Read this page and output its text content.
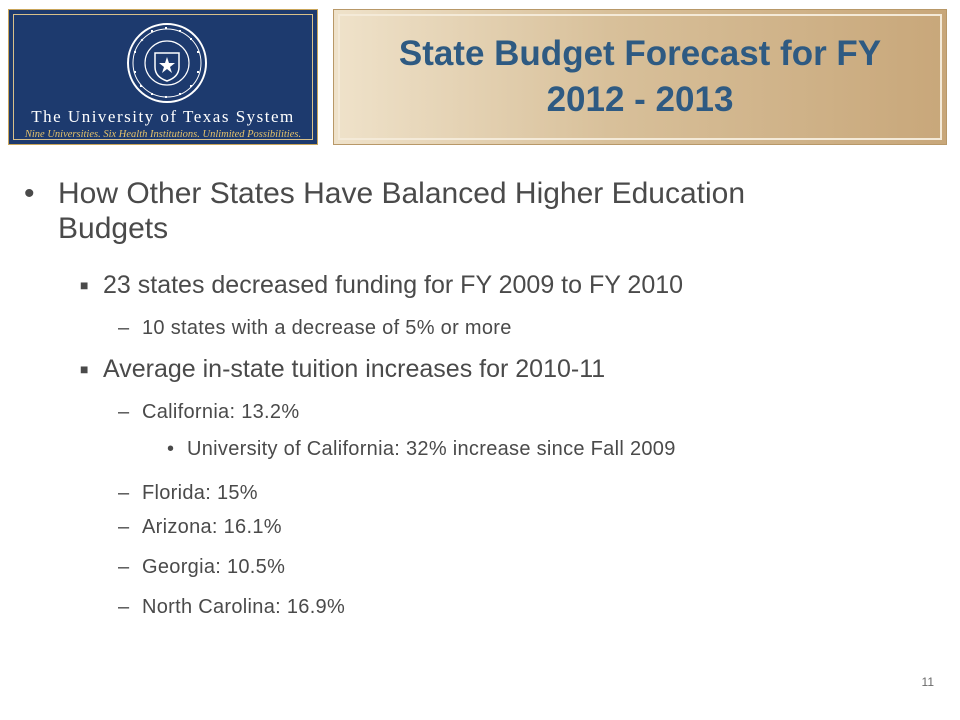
The University of Texas System
Nine Universities. Six Health Institutions. Unlimited Possibilities.
State Budget Forecast for FY 2012 - 2013
• How Other States Have Balanced Higher Education Budgets
■ 23 states decreased funding for FY 2009 to FY 2010
– 10 states with a decrease of 5% or more
■ Average in-state tuition increases for 2010-11
– California: 13.2%
• University of California: 32% increase since Fall 2009
– Florida: 15%
– Arizona: 16.1%
– Georgia: 10.5%
– North Carolina: 16.9%
11
